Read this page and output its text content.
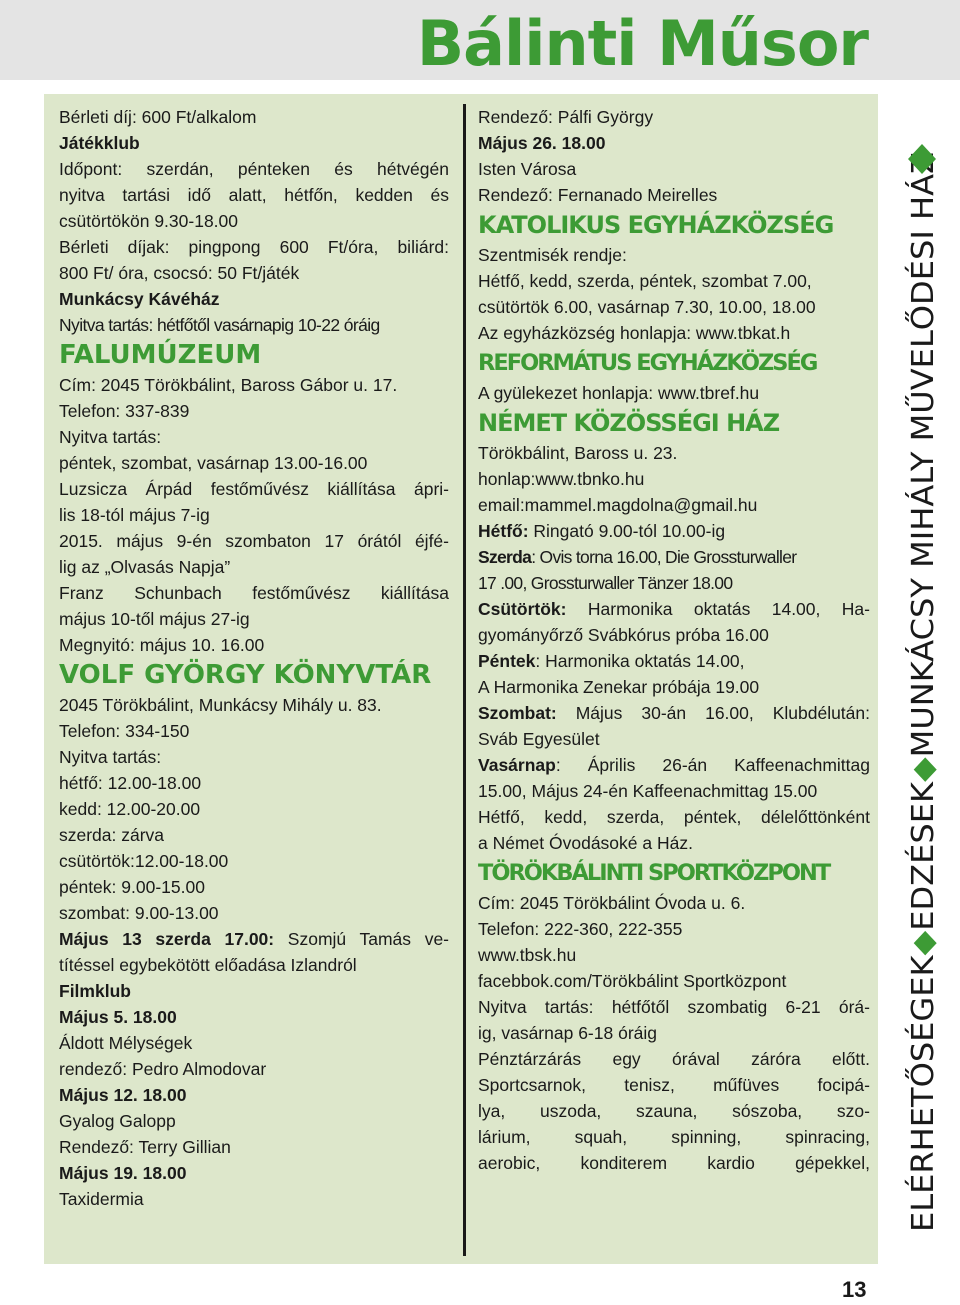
Bálinti Műsor

Bérleti díj: 600 Ft/alkalom

Játékklub

Időpont: szerdán, pénteken és hétvégén

nyitva tartási idő alatt, hétfőn, kedden és

csütörtökön 9.30-18.00

Bérleti díjak: pingpong 600 Ft/óra, biliárd:

800 Ft/ óra, csocsó: 50 Ft/játék

Munkácsy Kávéház

Nyitva tartás: hétfőtől vasárnapig 10-22 óráig

FALUMÚZEUM

Cím: 2045 Törökbálint, Baross Gábor u. 17.

Telefon: 337-839

Nyitva tartás:

péntek, szombat, vasárnap 13.00-16.00

Luzsicza Árpád festőművész kiállítása ápri-

lis 18-tól május 7-ig

2015. május 9-én szombaton 17 órától éjfé-

lig az „Olvasás Napja”

Franz Schunbach festőművész kiállítása

május 10-től május 27-ig

Megnyitó: május 10. 16.00

VOLF GYÖRGY KÖNYVTÁR

2045 Törökbálint, Munkácsy Mihály u. 83.

Telefon: 334-150

Nyitva tartás:

hétfő: 12.00-18.00

kedd: 12.00-20.00

szerda: zárva

csütörtök:12.00-18.00

péntek: 9.00-15.00

szombat: 9.00-13.00

Május 13 szerda 17.00: Szomjú Tamás ve-

títéssel egybekötött előadása Izlandról

Filmklub

Május 5. 18.00

Áldott Mélységek

rendező: Pedro Almodovar

Május 12. 18.00

Gyalog Galopp

Rendező: Terry Gillian

Május 19. 18.00

Taxidermia

Rendező: Pálfi György

Május 26. 18.00

Isten Városa

Rendező: Fernanado Meirelles

KATOLIKUS EGYHÁZKÖZSÉG

Szentmisék rendje:

Hétfő, kedd, szerda, péntek, szombat 7.00,

csütörtök 6.00, vasárnap 7.30, 10.00, 18.00

Az egyházközség honlapja: www.tbkat.h

REFORMÁTUS EGYHÁZKÖZSÉG

A gyülekezet honlapja: www.tbref.hu

NÉMET KÖZÖSSÉGI HÁZ

Törökbálint, Baross u. 23.

honlap:www.tbnko.hu

email:mammel.magdolna@gmail.hu

Hétfő: Ringató 9.00-tól 10.00-ig

Szerda: Ovis torna 16.00, Die Grossturwaller

17 .00, Grossturwaller Tänzer 18.00

Csütörtök: Harmonika oktatás 14.00, Ha-

gyományőrző Svábkórus próba 16.00

Péntek: Harmonika oktatás 14.00,

A Harmonika Zenekar próbája 19.00

Szombat: Május 30-án 16.00, Klubdélután:

Sváb Egyesület

Vasárnap: Április 26-án Kaffeenachmittag

15.00, Május 24-én Kaffeenachmittag 15.00

Hétfő, kedd, szerda, péntek, délelőttönként

a Német Óvodásoké a Ház.

TÖRÖKBÁLINTI SPORTKÖZPONT

Cím: 2045 Törökbálint Óvoda u. 6.

Telefon: 222-360, 222-355

www.tbsk.hu

facebbok.com/Törökbálint Sportközpont

Nyitva tartás: hétfőtől szombatig 6-21 órá-

ig, vasárnap 6-18 óráig

Pénztárzárás egy órával záróra előtt.

Sportcsarnok, tenisz, műfüves focipá-

lya, uszoda, szauna, sószoba, szo-

lárium, squah, spinning, spinracing,

aerobic, konditerem kardio gépekkel, ELÉRHETŐSÉGEK◆EDZÉSEK◆MUNKÁCSY MIHÁLY MŰVELŐDÉSI HÁZ
13
